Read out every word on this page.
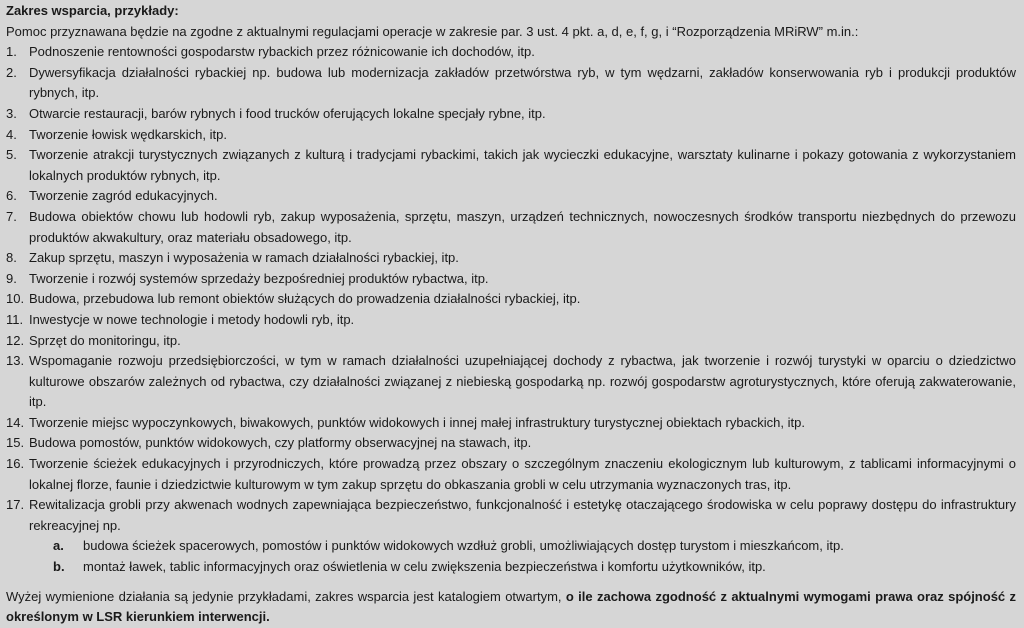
Zakres wsparcia, przykłady:
Pomoc przyznawana będzie na zgodne z aktualnymi regulacjami operacje w zakresie par. 3 ust. 4 pkt. a, d, e, f, g, i “Rozporządzenia MRiRW” m.in.:
1. Podnoszenie rentowności gospodarstw rybackich przez różnicowanie ich dochodów, itp.
2. Dywersyfikacja działalności rybackiej np. budowa lub modernizacja zakładów przetwórstwa ryb, w tym wędzarni, zakładów konserwowania ryb i produkcji produktów rybnych, itp.
3. Otwarcie restauracji, barów rybnych i food trucków oferujących lokalne specjały rybne, itp.
4. Tworzenie łowisk wędkarskich, itp.
5. Tworzenie atrakcji turystycznych związanych z kulturą i tradycjami rybackimi, takich jak wycieczki edukacyjne, warsztaty kulinarne i pokazy gotowania z wykorzystaniem lokalnych produktów rybnych, itp.
6. Tworzenie zagród edukacyjnych.
7. Budowa obiektów chowu lub hodowli ryb, zakup wyposażenia, sprzętu, maszyn, urządzeń technicznych, nowoczesnych środków transportu niezbędnych do przewozu produktów akwakultury, oraz materiału obsadowego, itp.
8. Zakup sprzętu, maszyn i wyposażenia w ramach działalności rybackiej, itp.
9. Tworzenie i rozwój systemów sprzedaży bezpośredniej produktów rybactwa, itp.
10. Budowa, przebudowa lub remont obiektów służących do prowadzenia działalności rybackiej, itp.
11. Inwestycje w nowe technologie i metody hodowli ryb, itp.
12. Sprzęt do monitoringu, itp.
13. Wspomaganie rozwoju przedsiębiorczości, w tym w ramach działalności uzupełniającej dochody z rybactwa, jak tworzenie i rozwój turystyki w oparciu o dziedzictwo kulturowe obszarów zależnych od rybactwa, czy działalności związanej z niebieską gospodarką np. rozwój gospodarstw agroturystycznych, które oferują zakwaterowanie, itp.
14. Tworzenie miejsc wypoczynkowych, biwakowych, punktów widokowych i innej małej infrastruktury turystycznej obiektach rybackich, itp.
15. Budowa pomostów, punktów widokowych, czy platformy obserwacyjnej na stawach, itp.
16. Tworzenie ścieżek edukacyjnych i przyrodniczych, które prowadzą przez obszary o szczególnym znaczeniu ekologicznym lub kulturowym, z tablicami informacyjnymi o lokalnej florze, faunie i dziedzictwie kulturowym w tym zakup sprzętu do obkaszania grobli w celu utrzymania wyznaczonych tras, itp.
17. Rewitalizacja grobli przy akwenach wodnych zapewniająca bezpieczeństwo, funkcjonalność i estetykę otaczającego środowiska w celu poprawy dostępu do infrastruktury rekreacyjnej np.
a. budowa ścieżek spacerowych, pomostów i punktów widokowych wzdłuż grobli, umożliwiających dostęp turystom i mieszkańcom, itp.
b. montaż ławek, tablic informacyjnych oraz oświetlenia w celu zwiększenia bezpieczeństwa i komfortu użytkowników, itp.
Wyżej wymienione działania są jedynie przykładami, zakres wsparcia jest katalogiem otwartym, o ile zachowa zgodność z aktualnymi wymogami prawa oraz spójność z określonym w LSR kierunkiem interwencji.
